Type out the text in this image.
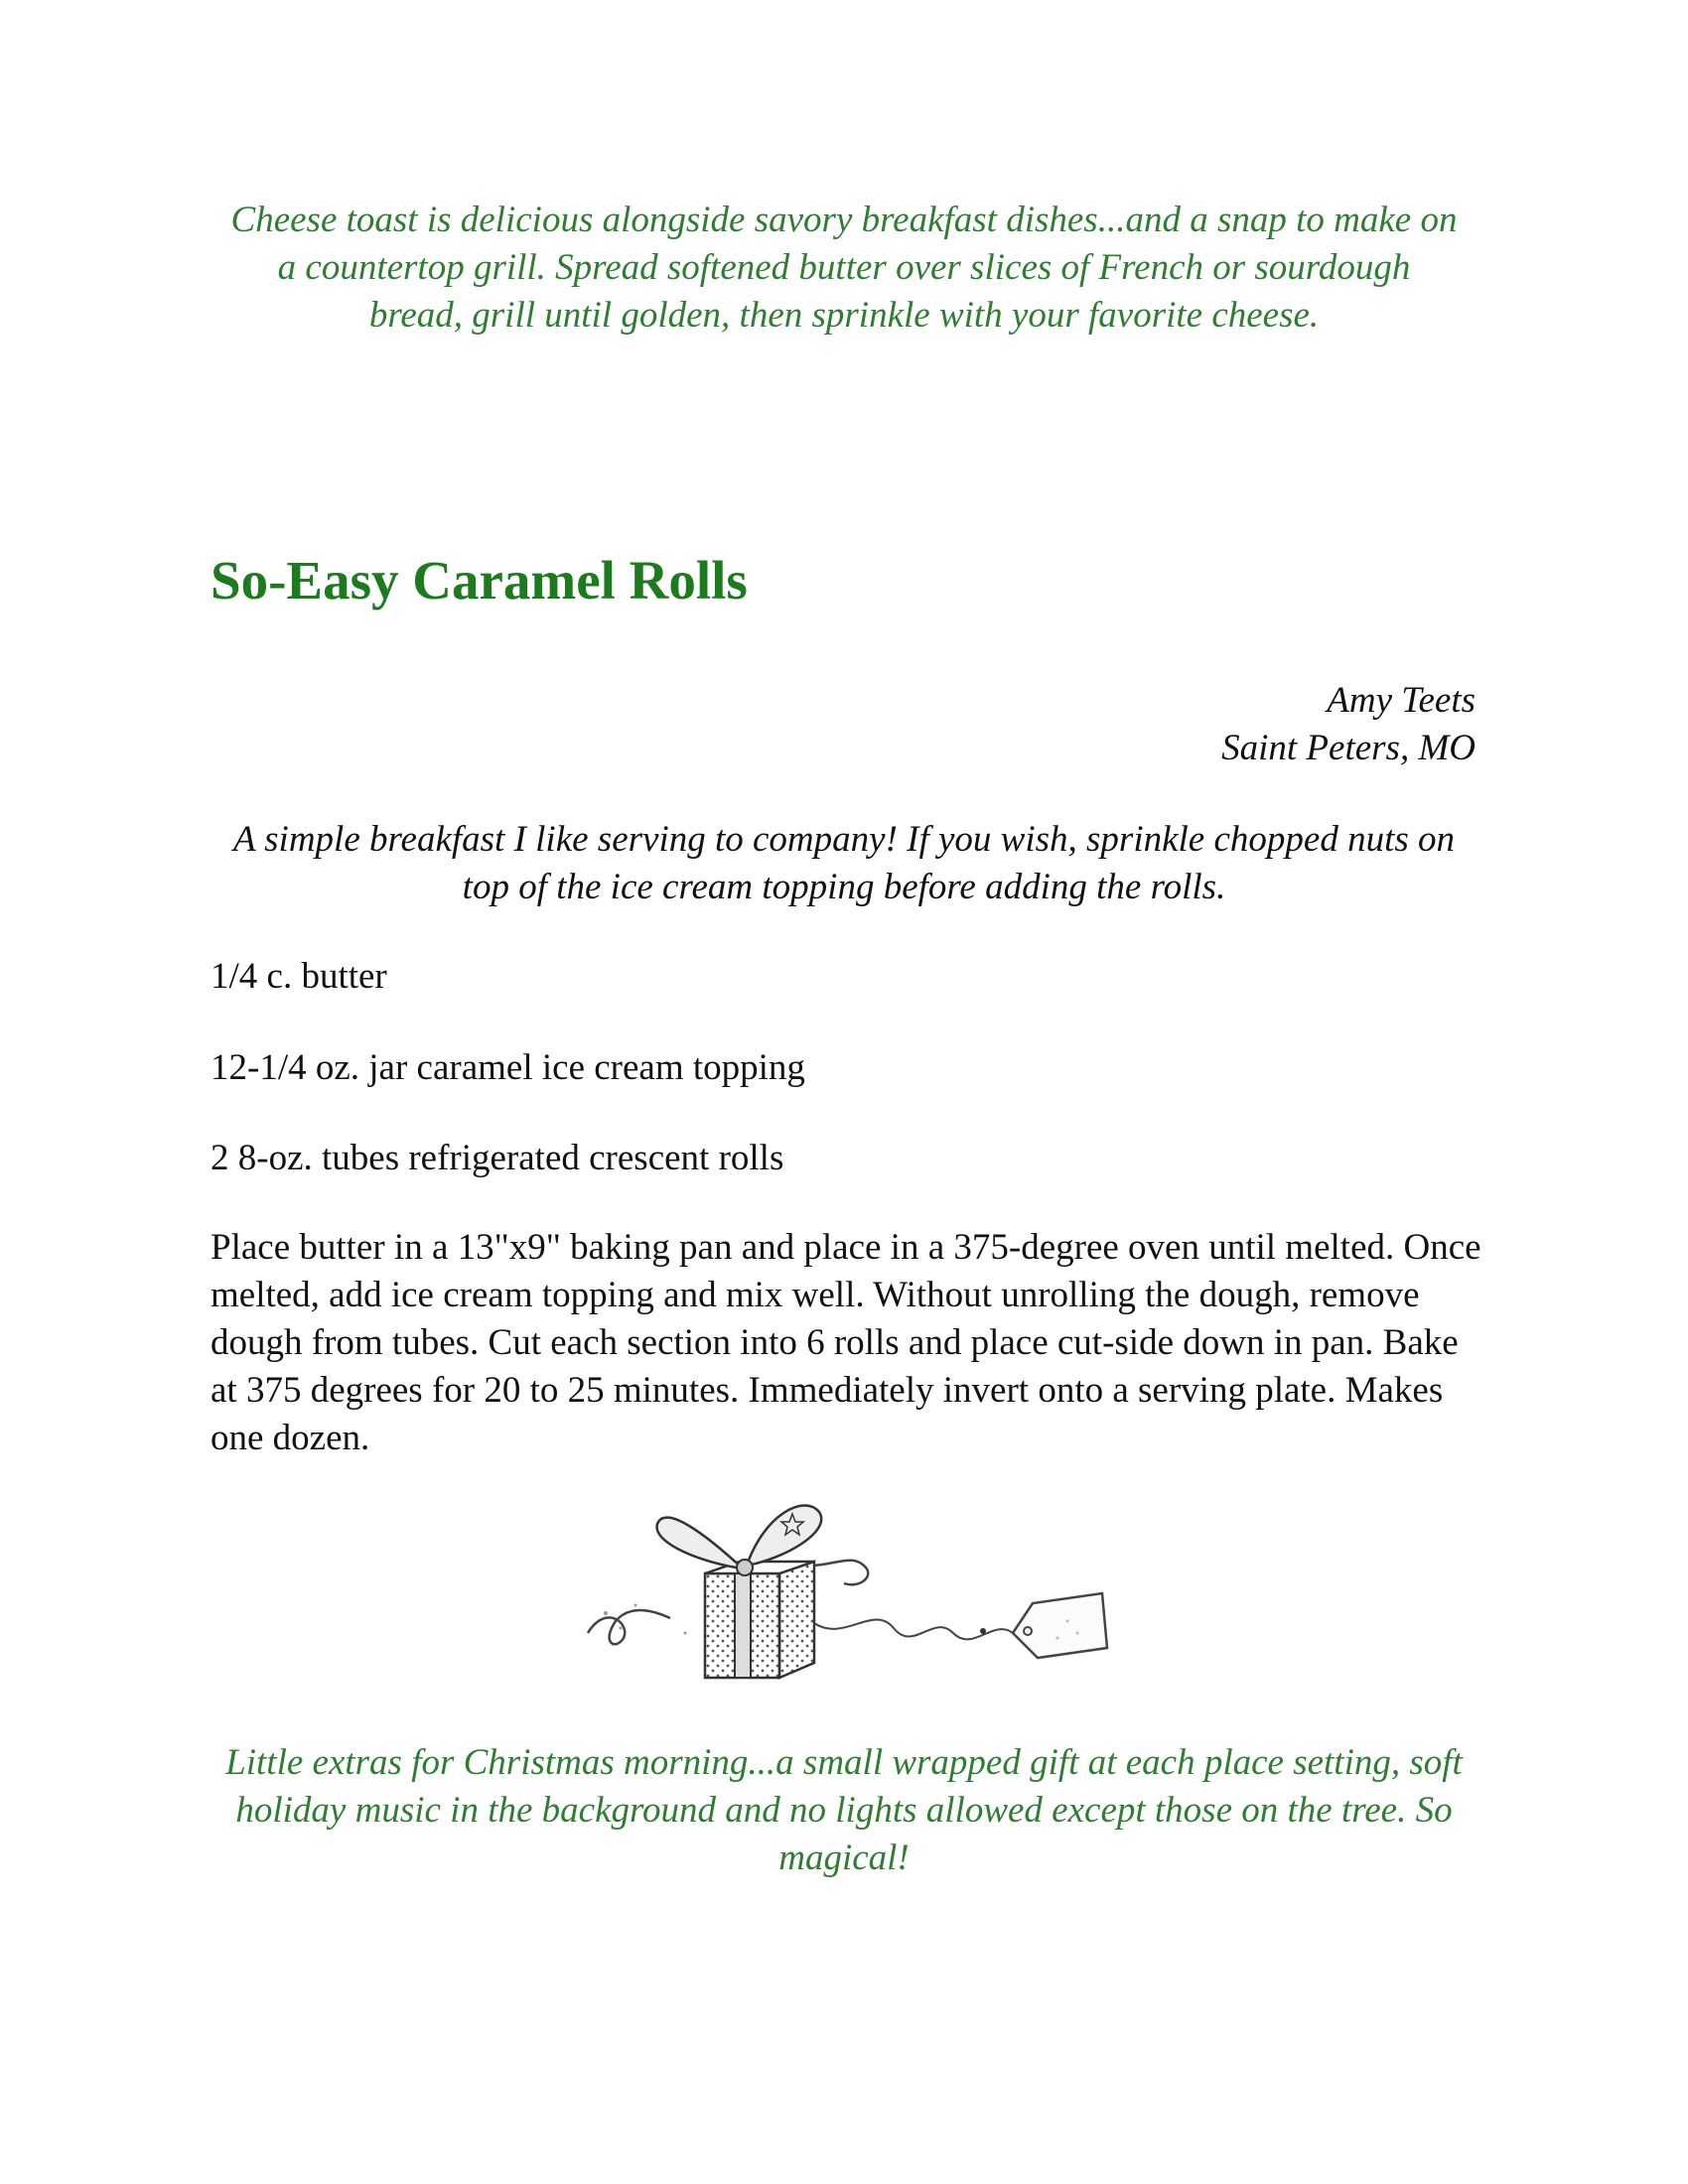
Cheese toast is delicious alongside savory breakfast dishes...and a snap to make on a countertop grill. Spread softened butter over slices of French or sourdough bread, grill until golden, then sprinkle with your favorite cheese.
So-Easy Caramel Rolls
Amy Teets
Saint Peters, MO
A simple breakfast I like serving to company! If you wish, sprinkle chopped nuts on top of the ice cream topping before adding the rolls.
1/4 c. butter
12-1/4 oz. jar caramel ice cream topping
2 8-oz. tubes refrigerated crescent rolls
Place butter in a 13"x9" baking pan and place in a 375-degree oven until melted. Once melted, add ice cream topping and mix well. Without unrolling the dough, remove dough from tubes. Cut each section into 6 rolls and place cut-side down in pan. Bake at 375 degrees for 20 to 25 minutes. Immediately invert onto a serving plate. Makes one dozen.
Little extras for Christmas morning...a small wrapped gift at each place setting, soft holiday music in the background and no lights allowed except those on the tree. So magical!
